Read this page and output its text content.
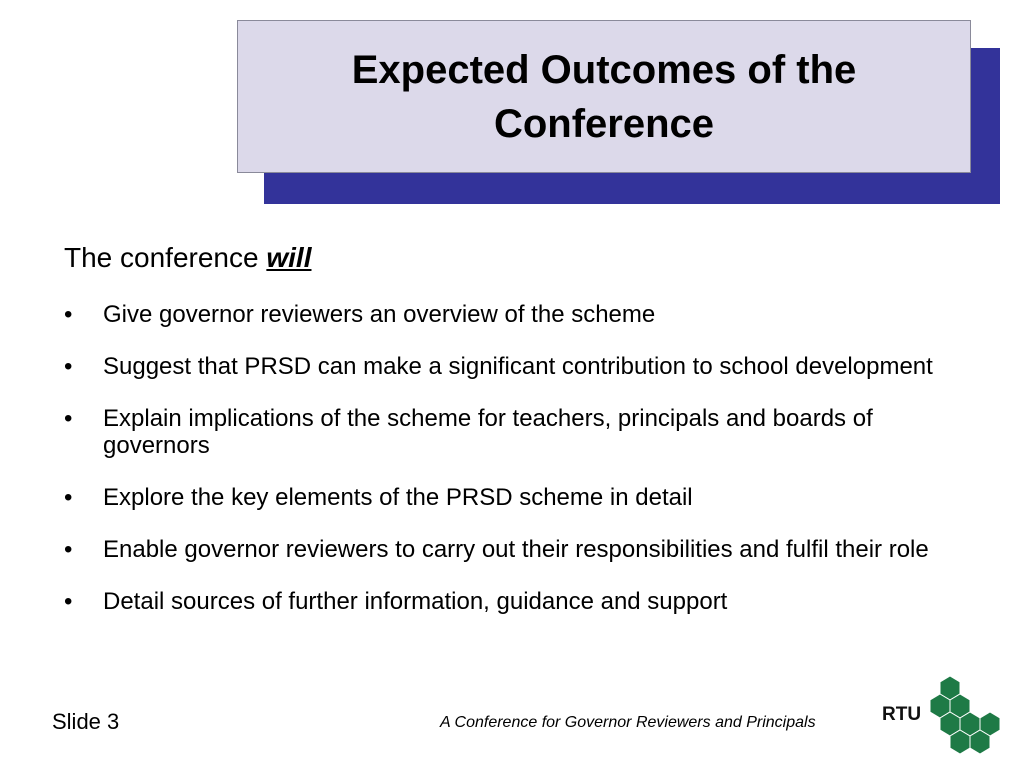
Expected Outcomes of the Conference
The conference will
• Give governor reviewers an overview of the scheme
• Suggest that PRSD can make a significant contribution to school development
• Explain implications of the scheme for teachers, principals and boards of governors
• Explore the key elements of the PRSD scheme in detail
• Enable governor reviewers to carry out their responsibilities and fulfil their role
• Detail sources of further information, guidance and support
Slide 3	A Conference for Governor Reviewers and Principals	RTU
